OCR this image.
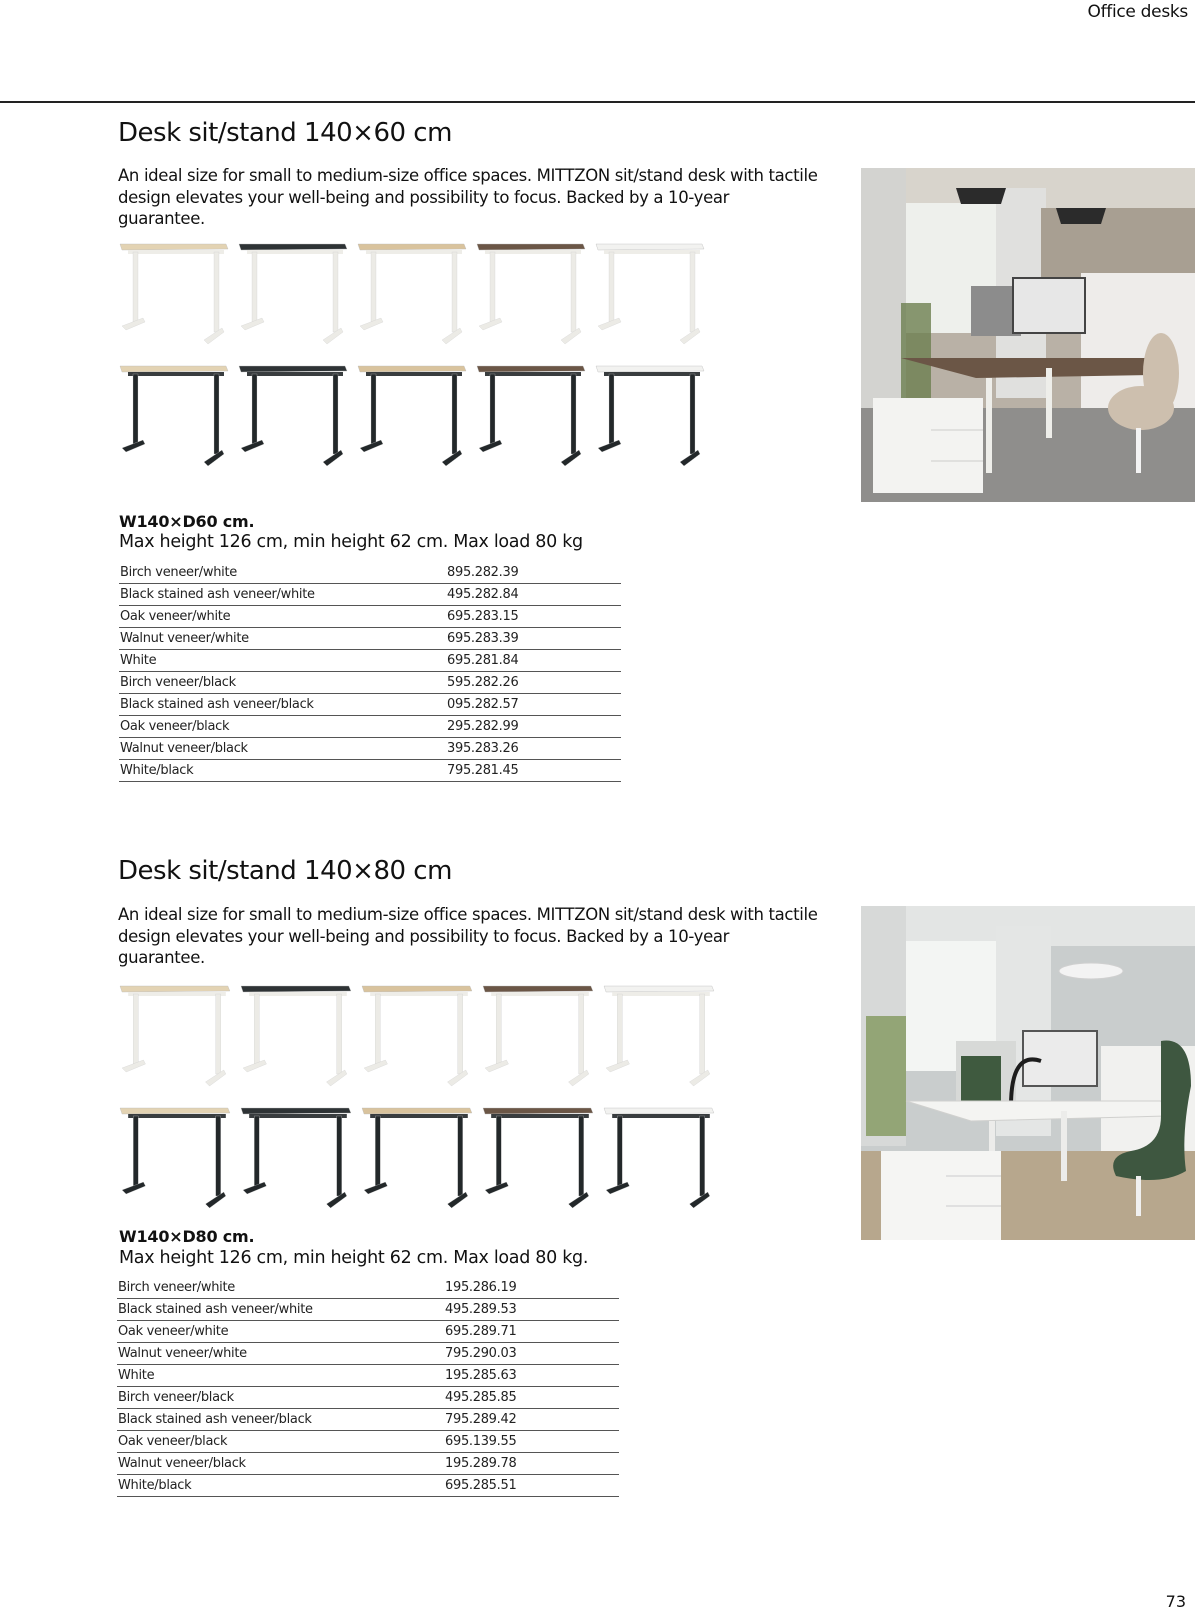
Office desks
Desk sit/stand 140×60 cm
An ideal size for small to medium-size office spaces. MITTZON sit/stand desk with tactile design elevates your well-being and possibility to focus. Backed by a 10-year guarantee.
W140×D60 cm.
Max height 126 cm, min height 62 cm. Max load 80 kg
Birch veneer/white	895.282.39
Black stained ash veneer/white	495.282.84
Oak veneer/white	695.283.15
Walnut veneer/white	695.283.39
White	695.281.84
Birch veneer/black	595.282.26
Black stained ash veneer/black	095.282.57
Oak veneer/black	295.282.99
Walnut veneer/black	395.283.26
White/black	795.281.45
Desk sit/stand 140×80 cm
An ideal size for small to medium-size office spaces. MITTZON sit/stand desk with tactile design elevates your well-being and possibility to focus. Backed by a 10-year guarantee.
W140×D80 cm.
Max height 126 cm, min height 62 cm. Max load 80 kg.
Birch veneer/white	195.286.19
Black stained ash veneer/white	495.289.53
Oak veneer/white	695.289.71
Walnut veneer/white	795.290.03
White	195.285.63
Birch veneer/black	495.285.85
Black stained ash veneer/black	795.289.42
Oak veneer/black	695.139.55
Walnut veneer/black	195.289.78
White/black	695.285.51
73
